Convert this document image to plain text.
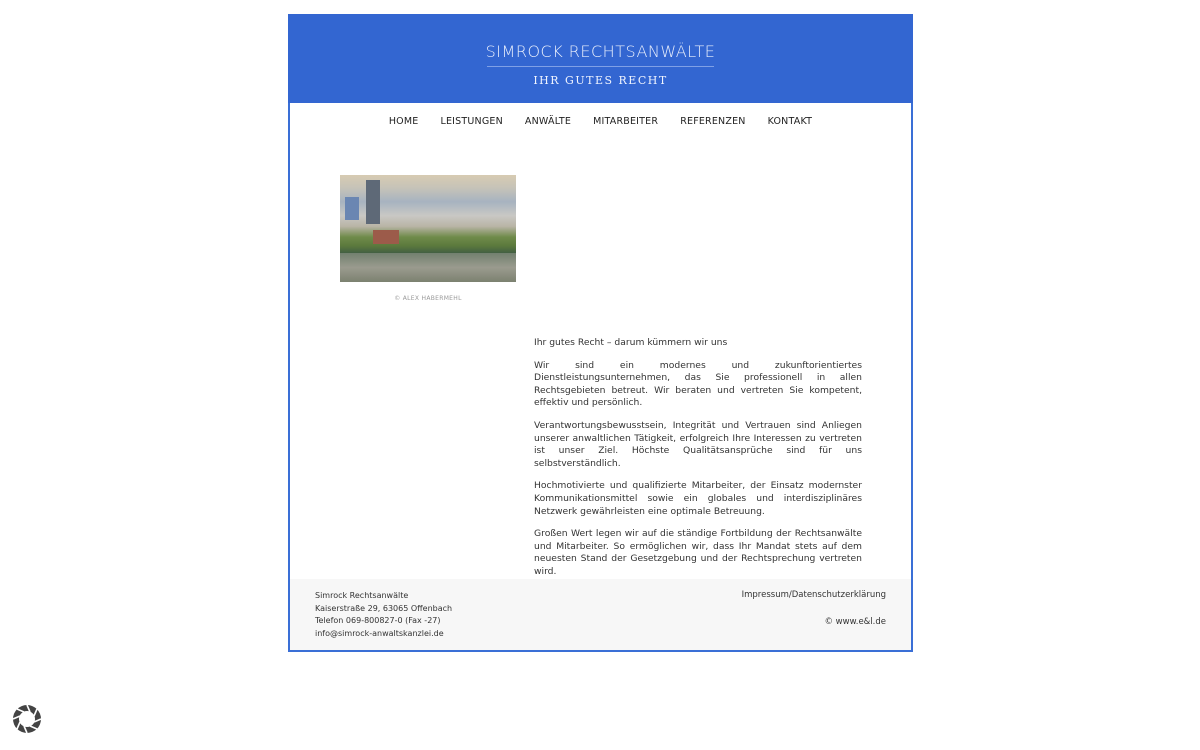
SIMROCK RECHTSANWÄLTE
IHR GUTES RECHT
HOME LEISTUNGEN ANWÄLTE MITARBEITER REFERENZEN KONTAKT
© ALEX HABERMEHL

Ihr gutes Recht – darum kümmern wir uns

Wir sind ein modernes und zukunftorientiertes Dienstleistungsunternehmen, das Sie professionell in allen Rechtsgebieten betreut. Wir beraten und vertreten Sie kompetent, effektiv und persönlich.

Verantwortungsbewusstsein, Integrität und Vertrauen sind Anliegen unserer anwaltlichen Tätigkeit, erfolgreich Ihre Interessen zu vertreten ist unser Ziel. Höchste Qualitätsansprüche sind für uns selbstverständlich.

Hochmotivierte und qualifizierte Mitarbeiter, der Einsatz modernster Kommunikationsmittel sowie ein globales und interdisziplinäres Netzwerk gewährleisten eine optimale Betreuung.

Großen Wert legen wir auf die ständige Fortbildung der Rechtsanwälte und Mitarbeiter. So ermöglichen wir, dass Ihr Mandat stets auf dem neuesten Stand der Gesetzgebung und der Rechtsprechung vertreten wird.

Simrock Rechtsanwälte
Kaiserstraße 29, 63065 Offenbach
Telefon 069-800827-0 (Fax -27)
info@simrock-anwaltskanzlei.de
Impressum/Datenschutzerklärung
© www.e&l.de
